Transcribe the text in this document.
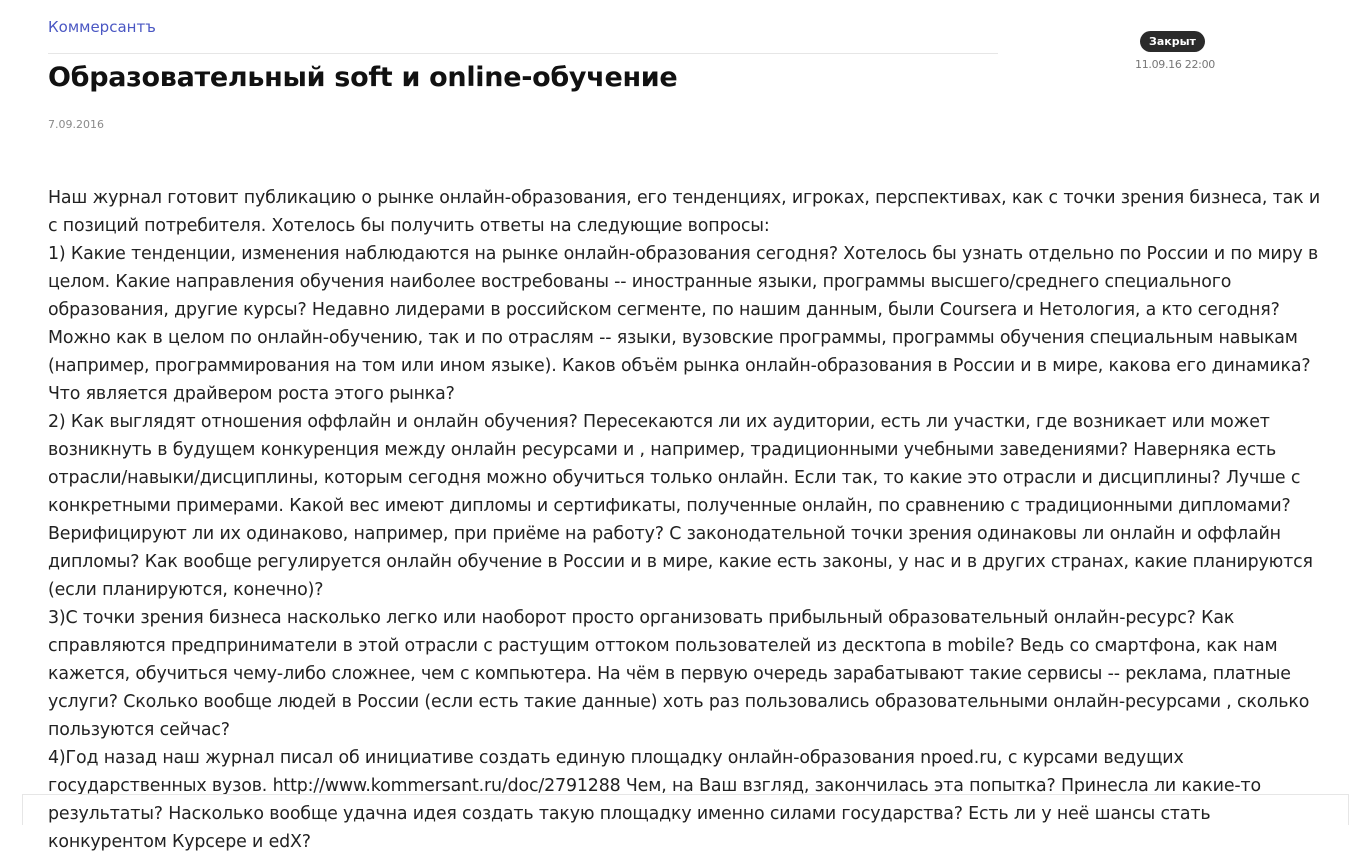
Коммерсантъ
Образовательный soft и online-обучение
7.09.2016
Закрыт
11.09.16 22:00

Наш журнал готовит публикацию о рынке онлайн-образования, его тенденциях, игроках, перспективах, как с точки зрения бизнеса, так и с позиций потребителя. Хотелось бы получить ответы на следующие вопросы:

1) Какие тенденции, изменения наблюдаются на рынке онлайн-образования сегодня? Хотелось бы узнать отдельно по России и по миру в целом. Какие направления обучения наиболее востребованы -- иностранные языки, программы высшего/среднего специального образования, другие курсы? Недавно лидерами в российском сегменте, по нашим данным, были Coursera и Нетология, а кто сегодня? Можно как в целом по онлайн-обучению, так и по отраслям -- языки, вузовские программы, программы обучения специальным навыкам (например, программирования на том или ином языке). Каков объём рынка онлайн-образования в России и в мире, какова его динамика? Что является драйвером роста этого рынка?

2) Как выглядят отношения оффлайн и онлайн обучения? Пересекаются ли их аудитории, есть ли участки, где возникает или может возникнуть в будущем конкуренция между онлайн ресурсами и , например, традиционными учебными заведениями? Наверняка есть отрасли/навыки/дисциплины, которым сегодня можно обучиться только онлайн. Если так, то какие это отрасли и дисциплины? Лучше с конкретными примерами. Какой вес имеют дипломы и сертификаты, полученные онлайн, по сравнению с традиционными дипломами? Верифицируют ли их одинаково, например, при приёме на работу? С законодательной точки зрения одинаковы ли онлайн и оффлайн дипломы? Как вообще регулируется онлайн обучение в России и в мире, какие есть законы, у нас и в других странах, какие планируются (если планируются, конечно)?

3)С точки зрения бизнеса насколько легко или наоборот просто организовать прибыльный образовательный онлайн-ресурс? Как справляются предприниматели в этой отрасли с растущим оттоком пользователей из десктопа в mobile? Ведь со смартфона, как нам кажется, обучиться чему-либо сложнее, чем с компьютера. На чём в первую очередь зарабатывают такие сервисы -- реклама, платные услуги? Сколько вообще людей в России (если есть такие данные) хоть раз пользовались образовательными онлайн-ресурсами , сколько пользуются сейчас?

4)Год назад наш журнал писал об инициативе создать единую площадку онлайн-образования npoed.ru, с курсами ведущих государственных вузов. http://www.kommersant.ru/doc/2791288 Чем, на Ваш взгляд, закончилась эта попытка? Принесла ли какие-то результаты? Насколько вообще удачна идея создать такую площадку именно силами государства? Есть ли у неё шансы стать конкурентом Курсере и edX?
